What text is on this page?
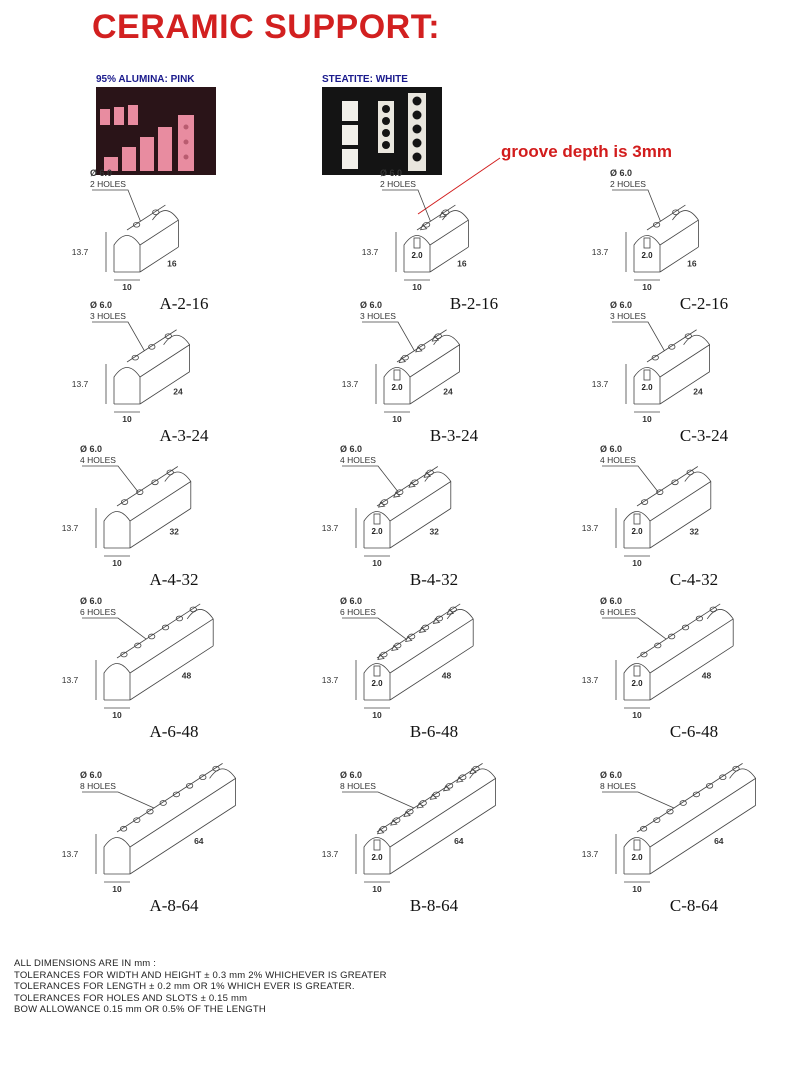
CERAMIC SUPPORT:
95% ALUMINA: PINK	STEATITE: WHITE
groove depth is 3mm
Ø 6.0
2 HOLES
13.7
10
16
A-2-16
2.0
Ø 6.0
2 HOLES
13.7
10
16
B-2-16
2.0
Ø 6.0
2 HOLES
13.7
10
16
C-2-16
Ø 6.0
3 HOLES
13.7
10
24
A-3-24
2.0
Ø 6.0
3 HOLES
13.7
10
24
B-3-24
2.0
Ø 6.0
3 HOLES
13.7
10
24
C-3-24
Ø 6.0
4 HOLES
13.7
10
32
A-4-32
2.0
Ø 6.0
4 HOLES
13.7
10
32
B-4-32
2.0
Ø 6.0
4 HOLES
13.7
10
32
C-4-32
Ø 6.0
6 HOLES
13.7
10
48
A-6-48
2.0
Ø 6.0
6 HOLES
13.7
10
48
B-6-48
2.0
Ø 6.0
6 HOLES
13.7
10
48
C-6-48
Ø 6.0
8 HOLES
13.7
10
64
A-8-64
2.0
Ø 6.0
8 HOLES
13.7
10
64
B-8-64
2.0
Ø 6.0
8 HOLES
13.7
10
64
C-8-64
ALL DIMENSIONS ARE IN mm :
TOLERANCES FOR WIDTH AND HEIGHT ± 0.3 mm 2% WHICHEVER IS GREATER
TOLERANCES FOR LENGTH ± 0.2 mm OR 1% WHICH EVER IS GREATER.
TOLERANCES FOR HOLES AND SLOTS ± 0.15 mm
BOW ALLOWANCE 0.15 mm OR 0.5% OF THE LENGTH
